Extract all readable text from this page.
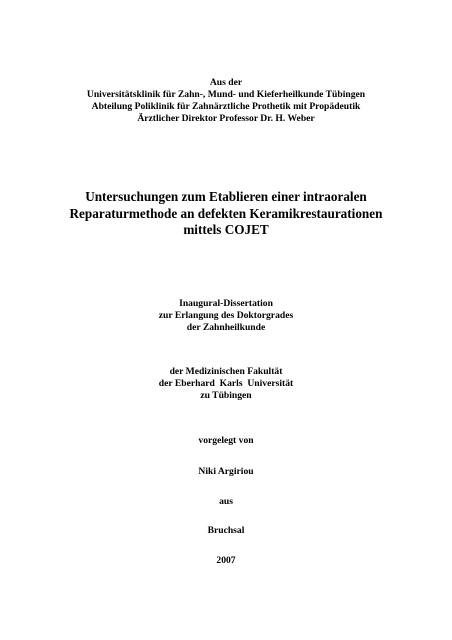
Aus der
Universitätsklinik für Zahn-, Mund- und Kieferheilkunde Tübingen
Abteilung Poliklinik für Zahnärztliche Prothetik mit Propädeutik
Ärztlicher Direktor Professor Dr. H. Weber
Untersuchungen zum Etablieren einer intraoralen
Reparaturmethode an defekten Keramikrestaurationen
mittels COJET
Inaugural-Dissertation
zur Erlangung des Doktorgrades
der Zahnheilkunde
der Medizinischen Fakultät
der Eberhard  Karls  Universität
zu Tübingen
vorgelegt von
Niki Argiriou
aus
Bruchsal
2007
